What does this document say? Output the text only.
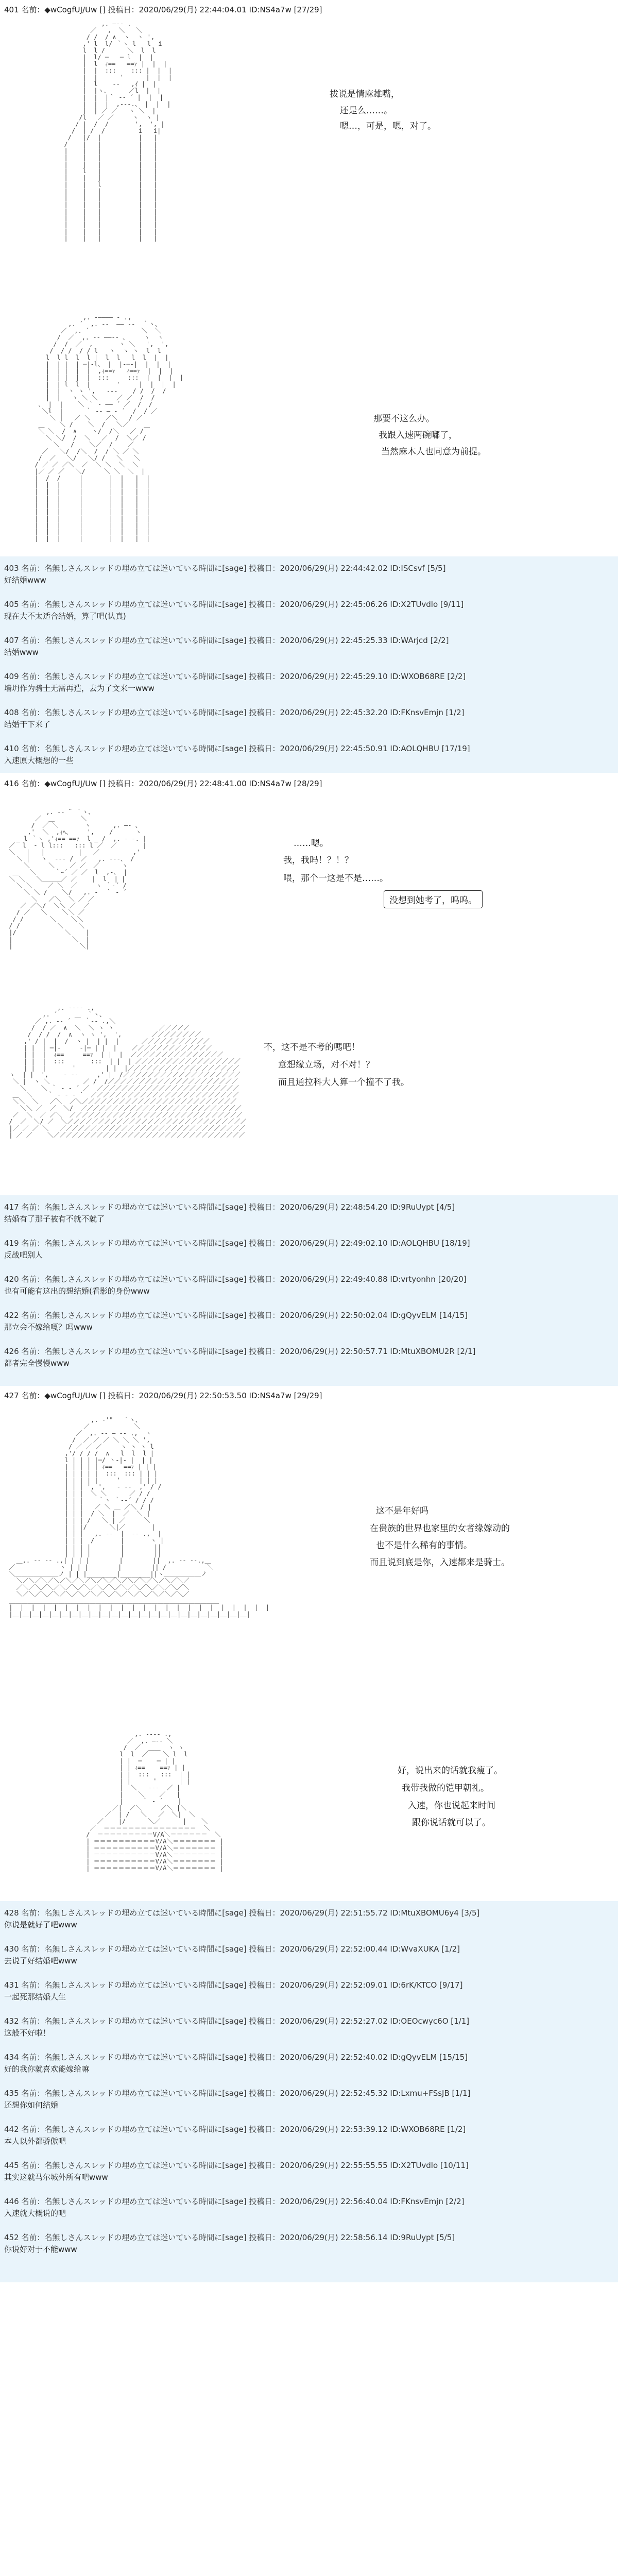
401 名前：◆wCogfUJ/Uw [] 投稿日：2020/06/29(月) 22:44:04.01 ID:NS4a7w [27/29]
,. ―‐- .
／   ,  ＼   ＼
/ /  / ∧  ヽ  ヽ ',
,' l  l/ ｀ヽ l   l  i
l  l /      ＼  l  l
|  l/ ─   ─ l  |  |
|  l  ｨ==   ==ｧ |  |  |
|  |  :::    ::: |  |  |
|  |      '      |  |  |
|  l    ‐-   ,ｲ |  |
|  |ヽ、     ／l  |  |
|  |  |｀ -‐ ´ |  |  |
|  |  |  ,-‐-.、 |  |  |
|  | ／ ／   ヽ ＼  |
/l   ／ ／     ヽ  ヽ |
/ |  /  /       ',  ', |
/  | /  /         i   i|
/   |/  |          |   |
/    |   |          |   |
|    |   |          |   |
|    |   |          |   |
|    |   |          |   |
|    l   |          |   |
|    |   |          |   |
|    |   l          |   |
|    |   |          |   |
|    |   |          |   |
|    |   |          |   |
|    |   |          |   |
|    |   |          |   |
|    |   |          |   |
|    |   |          |   |
|    |   |          |   |
拔说是情麻雄嘴，
还是么……。
嗯…，可是，嗯，对了。
,. -―――― - .,
,. ´  ,. --  ―― --  ｀ヽ、
／  ,. ´              ＼  ＼
/  ／  ,. -‐ ――‐- 、    ヽ  ヽ
/  /  ／  ,       ヽ ＼   ',  ',
/  / /  / / l   ヽ  ヽ ヽ  l  l
l  l l  l  l |  l  l   l  l  |  |
|  | |  | ─|-l、 |  |‐─-|  |  |  |
|  | |  |  |  ,ｨ==ｧ   ｨ==ｧ  |  |  |
|  | |  |  |  :::     :::  |  |  |  |
|  | l  l  |       '     |  |  |  |
|  |  ヽ ヽ ',   ‐-‐    / /  /  /
|  |   ヽ ＼ ＼     ／ ／  /  /
、 |  |    ＼ ｀ - ―― ´ ／  /  /
＼l  |      ｀ ‐- ― ‐ ´  /  / ／
＼ |   ／ ＼    ／＼   / ／
＿    ＼ /    ＼  /   ＼／    ＿
＼ ＼  /  ∧    ヽ/  /＼   ／ /
＼ ＼/  /  ＼   ／  /  ＼／ /
＼   /    ＼／  /    ／
／   ＼/  /＼  /  / ＼ ／ ＼
/  ／   ＼/   ＼/ /   ＼   ＼
/ ／ ／ ／＼  ／  ＼ ＼  ＼  ＼
|／ ／ ／   ＼/     ＼ ＼  ＼  |
|  /  /     |       |  |   |  |
|  |  |     |       |  |   |  |
|  |  |     |       |  |   |  |
|  |  |     |       |  |   |  |
|  |  |     |       |  |   |  |
|  |  |     |       |  |   |  |
|  |  |     |       |  |   |  |
|  |  |     |       |  |   |  |
|  |  |     |       |  |   |  |
|  |  |     |       |  |   |  |
那要不这么办。
我跟入速两碗嘟了，
当然麻木人也同意为前提。
403 名前：名無しさんスレッドの埋め立ては迷いている時間に[sage] 投稿日：2020/06/29(月) 22:44:42.02 ID:ISCsvf [5/5]
好结婚www
405 名前：名無しさんスレッドの埋め立ては迷いている時間に[sage] 投稿日：2020/06/29(月) 22:45:06.26 ID:X2TUvdlo [9/11]
现在大不太适合结婚，算了吧(认真)
407 名前：名無しさんスレッドの埋め立ては迷いている時間に[sage] 投稿日：2020/06/29(月) 22:45:25.33 ID:WArjcd [2/2]
结婚www
409 名前：名無しさんスレッドの埋め立ては迷いている時間に[sage] 投稿日：2020/06/29(月) 22:45:29.10 ID:WXOB68RE [2/2]
墙坍作为骑士无需再造，去为了文来一www
408 名前：名無しさんスレッドの埋め立ては迷いている時間に[sage] 投稿日：2020/06/29(月) 22:45:32.20 ID:FKnsvEmjn [1/2]
结婚干下来了
410 名前：名無しさんスレッドの埋め立ては迷いている時間に[sage] 投稿日：2020/06/29(月) 22:45:50.91 ID:AOLQHBU [17/19]
入速原大概想的一些
416 名前：◆wCogfUJ/Uw [] 投稿日：2020/06/29(月) 22:48:41.00 ID:NS4a7w [28/29]
,. -‐ ¨ ｀ヽ、
／  ＿       ＼
/  ／ ＼       ヽ      ,. ―‐ 、
,'  ＼  ,ｨﾍ、    ',    /      ヽ
_ l ｀ヽ ,'ｨ== ==ｧ  l _ /  ,. ‐ -. |
／  l  ‐ l l:::   ::: l ／  ／       |
＼   |   |         |   ／         ,'
＼ |   ヽ  ‐-‐ /  ／   ,. -‐-、 /
＼     ＼    ／ ／  ／      ヽ
＿   ＼     ｀ｰ´ ／ ／  l  ,-、 |
＼ ＼   ＼＿＿＿／ ／    |  l  | |
＼ ＼    ／ ＼  ／     ヽ ｀-´ /
＼ ＼ /    ＼/   ,. ‐  ｀ - ´
＼   ／＼  ＼ ／ ／
／ ／＼/  ＼＼ ／  ／
/ ／   ＼    ＼＼ ／
/ /       ＼    ＼＼
/ /          ＼    ＼
|/             ＼    |
|                ＼  |
|                  ＼|
……嗯。
我，我吗！？！？
喂，那个一这是不是……。
没想到她考了，呜呜。
,. -‐‐- .,
,. ´        ｀ヽ、
／ ,. -‐ ´ ￣ ｀‐- .,＼
/  / ／  ∧  ＼  ＼ ヽ ヽ            ／／／／／
/  / /  /  ∧  ヽ ヽ ',  ',        ／／／／／／／／
,' / |  |  /  ヽ |  | |  |      ／／／／／／／／／／／
| |  | ─|‐     ‐|─ | |  |    ／／／／／／／／／／／／／
| |  |  ｨ==     ==ｧ  | |  |  ／／／／／／／／／／／／／／／
| |  |  :::       :::  | |  | ／／／／／／／／／／／／／／／／／
| |  |       '        | |  |／／／／／／／／／／／／／／／／／／
ヽ  | |  ',    ‐ -‐     ,' |  /／／／／／／／／／／／／／／／／／／／
＼ |  ヽ ＼         ／ /  /／／／／／／／／／／／／／／／／／／／／／
＼    ＼ ｀ - ‐ ´ ／  ／／／／／／／／／／／／／／／／／／／／／／／
＿  ＼    ｀ - - ‐ ´  ／／／／／／／／／／／／／／／／／／／／／／／／
＼＼  ＼   ／＼  ／＼／／／／／／／／／／／／／／／／／／／／／／／／／
＼＼ ／  ／  ＼/  ／／／／／／／／／／／／／／／／／／／／／／／／／／
／  ＼  ／ ／＼  ／／／／／／／／／／／／／／／／／／／／／／／／／／／／
/  ／  ＼/ ／  ＼／／／／／／／／／／／／／／／／／／／／／／／／／／／／／
|／ ／ ／ ＼   ／／／／／／／／／／／／／／／／／／／／／／／／／／／／／／
| ／ ／    ＼／／／／／／／／／／／／／／／／／／／／／／／／／／／／／／／
不，这不是不考的嗎吧！
意想缘立场，对不对！？
而且通拉科大人算一个撞不了我。
417 名前：名無しさんスレッドの埋め立ては迷いている時間に[sage] 投稿日：2020/06/29(月) 22:48:54.20 ID:9RuUypt [4/5]
结婚有了那子被有不就不就了
419 名前：名無しさんスレッドの埋め立ては迷いている時間に[sage] 投稿日：2020/06/29(月) 22:49:02.10 ID:AOLQHBU [18/19]
反战吧别人
420 名前：名無しさんスレッドの埋め立ては迷いている時間に[sage] 投稿日：2020/06/29(月) 22:49:40.88 ID:vrtyonhn [20/20]
也有可能有这出的想结婚(看影的身份www
422 名前：名無しさんスレッドの埋め立ては迷いている時間に[sage] 投稿日：2020/06/29(月) 22:50:02.04 ID:gQyvELM [14/15]
那立会不嫁给嘎？吗www
426 名前：名無しさんスレッドの埋め立ては迷いている時間に[sage] 投稿日：2020/06/29(月) 22:50:57.71 ID:MtuXBOMU2R [2/1]
都者完全慢慢www
427 名前：◆wCogfUJ/Uw [] 投稿日：2020/06/29(月) 22:50:53.50 ID:NS4a7w [29/29]
,. ‐'"￣ ｀ヽ、
／            ＼
／  ,. -‐ ― ‐- .,  ヽ
/  ／ ／ ／ ＼ ＼ ＼ ',
/ ／ ／ ／     ヽ ヽ ヽ l
,'/ / / /  ∧   l  l  l |
l | | | |─/ ヽ‐|‐ |  | |
| | | | | ｨ==   ==ｧ | | |
| | | | |  :::  ::: | | |
| | | | |     '     | | |
| | | ', ',   ‐ -‐  ,' / /
| | |  ＼ ＼      ／ / /
| | |    ｀ヽ ｀-‐´ / / /
| | |   ／ ＼ ＿ ／＼ / |
| | |  / ＼  |  ／  ＼ |
| | | /   ＼ | ／     ＼
| | |/      ＼|／       |
| | |   ,. -‐  |  ‐- .,  |
| | |  /       |       ヽ |
| | | |        |        ||
| | | |        |        ||
＿,. -‐ ‐- .,| | | |        |        ||  ,. -‐ ‐-.,＿
／            ヽ | | |        |        || /           ＼
＼＿＿＿＿＿＿＿ノ | | |________|________||ヽ＿＿＿＿＿＿ノ
＼／＼／＼／＼／＼／＼／＼／＼／＼／＼／＼／＼／＼／＼／
／＼／＼／＼／＼／＼／＼／＼／＼／＼／＼／＼／＼／＼／＼
＼／＼／＼／＼／＼／＼／＼／＼／＼／＼／＼／＼／＼／＼／
＿＿＿＿＿＿＿＿＿＿＿＿＿＿＿＿＿＿＿＿＿＿＿＿＿＿＿＿＿＿＿＿＿＿
|  |  |  |  |  |  |  |  |  |  |  |  |  |  |  |  |  |  |  |  |  |  |  |
|＿|＿|＿|＿|＿|＿|＿|＿|＿|＿|＿|＿|＿|＿|＿|＿|＿|＿|＿|＿|＿|＿|＿|＿|
这不是年好吗
在贵族的世界也家里的女者缘嫁动的
也不是什么稀有的事情。
而且说到底是你，入速都来是骑士。
,. -‐‐- .,
／  ,. ―‐- ＼
/  ／  ＿＿  ヽ ヽ
l  l  ／    ＼ l  l
| |  ─    ─ | |
| | ｨ==    ==ｧ | |
| |  :::   :::  | |
| |      '      | |
|  ＼   ‐-‐  ／ |
|    ＼    ／   |
|     ｀ - ´    |
／|  ／＼     ／＼ |＼
／  | /   ＼   ／  ＼|  ＼
／    |/      ＼／      |    ＼
／  ＝＝＝＝＝＝＝＝＝＝＝＝＝＝＝  ＼
/  ＝＝＝＝＝＝＝＝＝V/A＼＝＝＝＝＝＝  ＼
| ＝＝＝＝＝＝＝＝＝＝V/A＼＝＝＝＝＝＝＝ |
| ＝＝＝＝＝＝＝＝＝＝V/A＼＝＝＝＝＝＝＝ |
| ＝＝＝＝＝＝＝＝＝＝V/A＼＝＝＝＝＝＝＝ |
| ＝＝＝＝＝＝＝＝＝＝V/A＼＝＝＝＝＝＝＝ |
| ＝＝＝＝＝＝＝＝＝＝V/A＼＝＝＝＝＝＝＝ |
好，说出来的话就我瘦了。
我带我做的铠甲朝礼。
入速，你也说起来时间
跟你说话就可以了。
428 名前：名無しさんスレッドの埋め立ては迷いている時間に[sage] 投稿日：2020/06/29(月) 22:51:55.72 ID:MtuXBOMU6y4 [3/5]
你说是就好了吧www
430 名前：名無しさんスレッドの埋め立ては迷いている時間に[sage] 投稿日：2020/06/29(月) 22:52:00.44 ID:WvaXUKA [1/2]
去说了好结婚吧www
431 名前：名無しさんスレッドの埋め立ては迷いている時間に[sage] 投稿日：2020/06/29(月) 22:52:09.01 ID:6rK/KTCO [9/17]
一起死那结婚人生
432 名前：名無しさんスレッドの埋め立ては迷いている時間に[sage] 投稿日：2020/06/29(月) 22:52:27.02 ID:OEOcwyc6O [1/1]
这般不好啦！
434 名前：名無しさんスレッドの埋め立ては迷いている時間に[sage] 投稿日：2020/06/29(月) 22:52:40.02 ID:gQyvELM [15/15]
好的我你就喜欢能嫁给嘛
435 名前：名無しさんスレッドの埋め立ては迷いている時間に[sage] 投稿日：2020/06/29(月) 22:52:45.32 ID:Lxmu+FSsJB [1/1]
还想你如何结婚
442 名前：名無しさんスレッドの埋め立ては迷いている時間に[sage] 投稿日：2020/06/29(月) 22:53:39.12 ID:WXOB68RE [1/2]
本人以外都骄傲吧
445 名前：名無しさんスレッドの埋め立ては迷いている時間に[sage] 投稿日：2020/06/29(月) 22:55:55.55 ID:X2TUvdlo [10/11]
其实这就马尔城外所有吧www
446 名前：名無しさんスレッドの埋め立ては迷いている時間に[sage] 投稿日：2020/06/29(月) 22:56:40.04 ID:FKnsvEmjn [2/2]
入速就大概说的吧
452 名前：名無しさんスレッドの埋め立ては迷いている時間に[sage] 投稿日：2020/06/29(月) 22:58:56.14 ID:9RuUypt [5/5]
你说好对于不能www
